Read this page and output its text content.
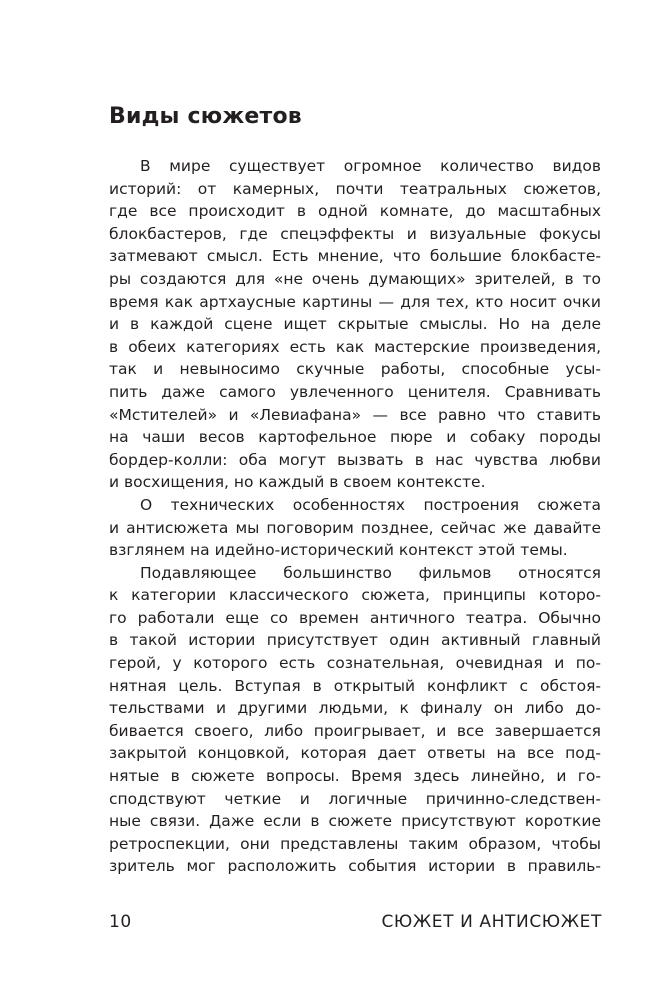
Виды сюжетов
В мире существует огромное количество видов
историй: от камерных, почти театральных сюжетов,
где все происходит в одной комнате, до масштабных
блокбастеров, где спецэффекты и визуальные фокусы
затмевают смысл. Есть мнение, что большие блокбасте-
ры создаются для «не очень думающих» зрителей, в то
время как артхаусные картины — для тех, кто носит очки
и в каждой сцене ищет скрытые смыслы. Но на деле
в обеих категориях есть как мастерские произведения,
так и невыносимо скучные работы, способные усы-
пить даже самого увлеченного ценителя. Сравнивать
«Мстителей» и «Левиафана» — все равно что ставить
на чаши весов картофельное пюре и собаку породы
бордер-колли: оба могут вызвать в нас чувства любви
и восхищения, но каждый в своем контексте.
О технических особенностях построения сюжета
и антисюжета мы поговорим позднее, сейчас же давайте
взглянем на идейно-исторический контекст этой темы.
Подавляющее большинство фильмов относятся
к категории классического сюжета, принципы которо-
го работали еще со времен античного театра. Обычно
в такой истории присутствует один активный главный
герой, у которого есть сознательная, очевидная и по-
нятная цель. Вступая в открытый конфликт с обстоя-
тельствами и другими людьми, к финалу он либо до-
бивается своего, либо проигрывает, и все завершается
закрытой концовкой, которая дает ответы на все под-
нятые в сюжете вопросы. Время здесь линейно, и го-
сподствуют четкие и логичные причинно-следствен-
ные связи. Даже если в сюжете присутствуют короткие
ретроспекции, они представлены таким образом, чтобы
зритель мог расположить события истории в правиль-
10	СЮЖЕТ И АНТИСЮЖЕТ
